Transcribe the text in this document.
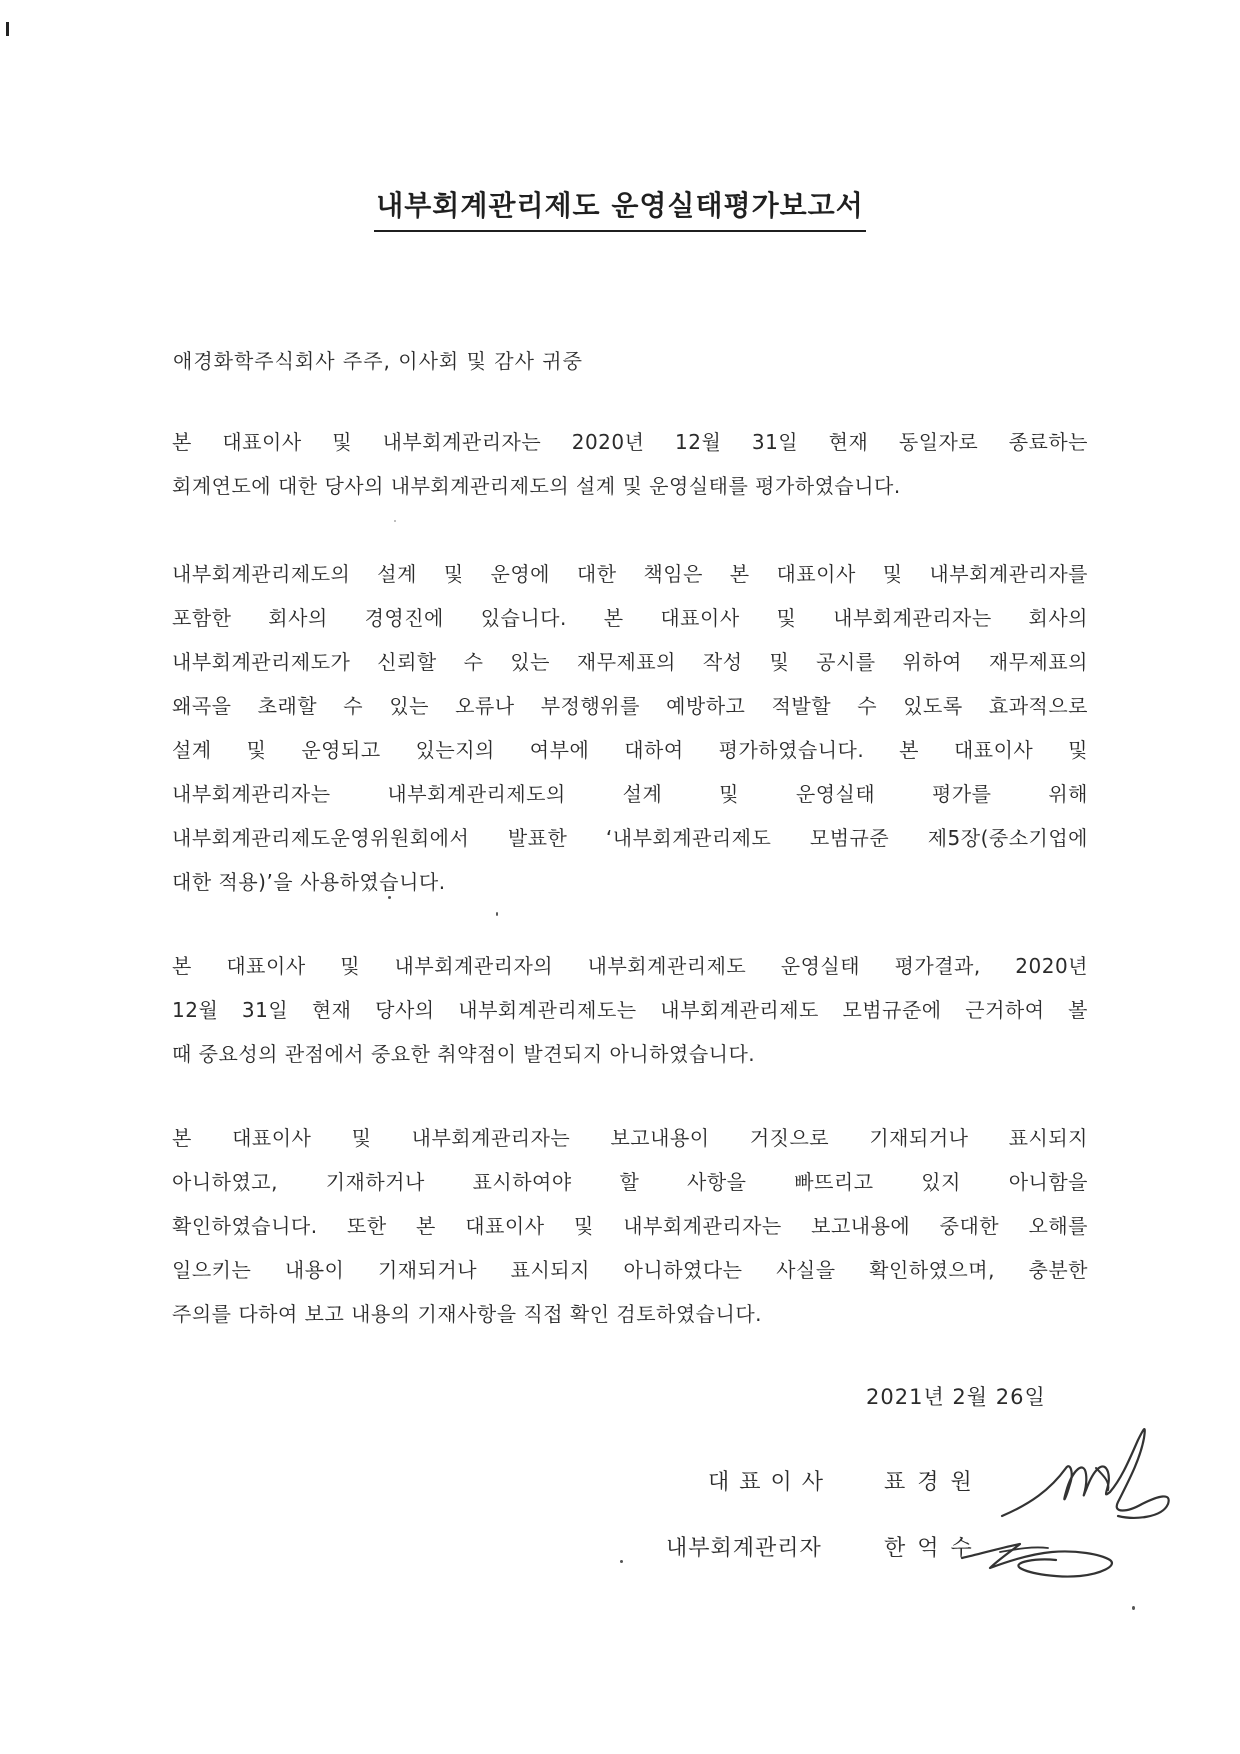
내부회계관리제도 운영실태평가보고서
애경화학주식회사 주주, 이사회 및 감사 귀중
본 대표이사 및 내부회계관리자는 2020년 12월 31일 현재 동일자로 종료하는
회계연도에 대한 당사의 내부회계관리제도의 설계 및 운영실태를 평가하였습니다.
내부회계관리제도의 설계 및 운영에 대한 책임은 본 대표이사 및 내부회계관리자를
포함한 회사의 경영진에 있습니다. 본 대표이사 및 내부회계관리자는 회사의
내부회계관리제도가 신뢰할 수 있는 재무제표의 작성 및 공시를 위하여 재무제표의
왜곡을 초래할 수 있는 오류나 부정행위를 예방하고 적발할 수 있도록 효과적으로
설계 및 운영되고 있는지의 여부에 대하여 평가하였습니다. 본 대표이사 및
내부회계관리자는 내부회계관리제도의 설계 및 운영실태 평가를 위해
내부회계관리제도운영위원회에서 발표한 ‘내부회계관리제도 모범규준 제5장(중소기업에
대한 적용)’을 사용하였습니다.
본 대표이사 및 내부회계관리자의 내부회계관리제도 운영실태 평가결과, 2020년
12월 31일 현재 당사의 내부회계관리제도는 내부회계관리제도 모범규준에 근거하여 볼
때 중요성의 관점에서 중요한 취약점이 발견되지 아니하였습니다.
본 대표이사 및 내부회계관리자는 보고내용이 거짓으로 기재되거나 표시되지
아니하였고, 기재하거나 표시하여야 할 사항을 빠뜨리고 있지 아니함을
확인하였습니다. 또한 본 대표이사 및 내부회계관리자는 보고내용에 중대한 오해를
일으키는 내용이 기재되거나 표시되지 아니하였다는 사실을 확인하였으며, 충분한
주의를 다하여 보고 내용의 기재사항을 직접 확인 검토하였습니다.
2021년 2월 26일
대표이사 표경원
내부회계관리자	한억수
